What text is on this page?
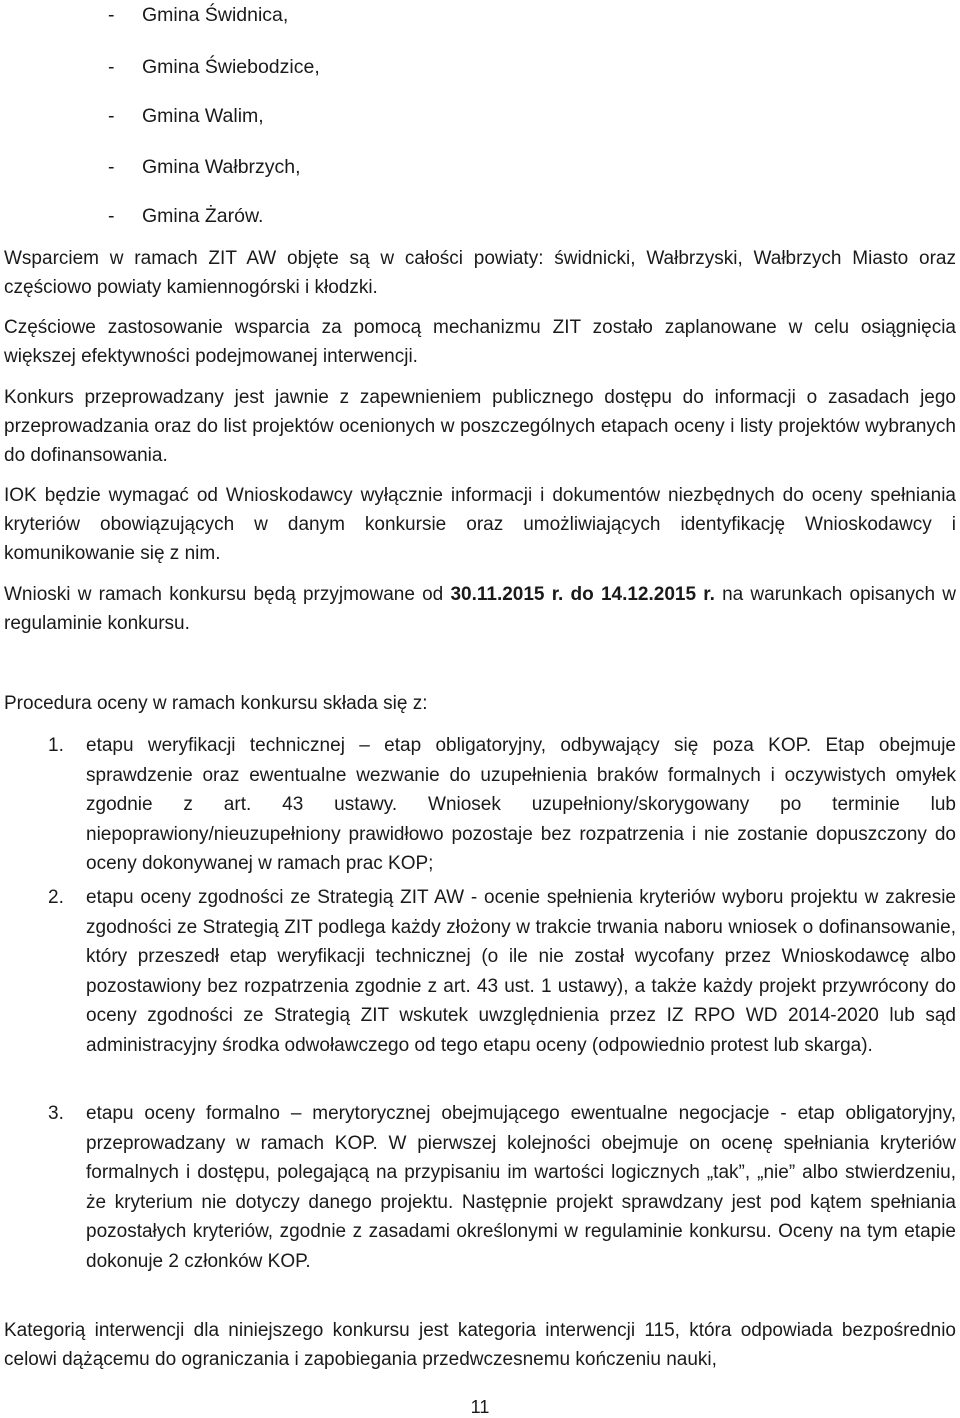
- Gmina Świdnica,
- Gmina Świebodzice,
- Gmina Walim,
- Gmina Wałbrzych,
- Gmina Żarów.

Wsparciem w ramach ZIT AW objęte są w całości powiaty: świdnicki, Wałbrzyski, Wałbrzych Miasto oraz częściowo powiaty kamiennogórski i kłodzki.

Częściowe zastosowanie wsparcia za pomocą mechanizmu ZIT zostało zaplanowane w celu osiągnięcia większej efektywności podejmowanej interwencji.

Konkurs przeprowadzany jest jawnie z zapewnieniem publicznego dostępu do informacji o zasadach jego przeprowadzania oraz do list projektów ocenionych w poszczególnych etapach oceny i listy projektów wybranych do dofinansowania.

IOK będzie wymagać od Wnioskodawcy wyłącznie informacji i dokumentów niezbędnych do oceny spełniania kryteriów obowiązujących w danym konkursie oraz umożliwiających identyfikację Wnioskodawcy i komunikowanie się z nim.

Wnioski w ramach konkursu będą przyjmowane od 30.11.2015 r. do 14.12.2015 r. na warunkach opisanych w regulaminie konkursu.

Procedura oceny w ramach konkursu składa się z:

1.	etapu weryfikacji technicznej – etap obligatoryjny, odbywający się poza KOP. Etap obejmuje sprawdzenie oraz ewentualne wezwanie do uzupełnienia braków formalnych i oczywistych omyłek zgodnie z art. 43 ustawy. Wniosek uzupełniony/skorygowany po terminie lub niepoprawiony/nieuzupełniony prawidłowo pozostaje bez rozpatrzenia i nie zostanie dopuszczony do oceny dokonywanej w ramach prac KOP;

2.	etapu oceny zgodności ze Strategią ZIT AW - ocenie spełnienia kryteriów wyboru projektu w zakresie zgodności ze Strategią ZIT podlega każdy złożony w trakcie trwania naboru wniosek o dofinansowanie, który przeszedł etap weryfikacji technicznej (o ile nie został wycofany przez Wnioskodawcę albo pozostawiony bez rozpatrzenia zgodnie z art. 43 ust. 1 ustawy), a także każdy projekt przywrócony do oceny zgodności ze Strategią ZIT wskutek uwzględnienia przez IZ RPO WD 2014-2020 lub sąd administracyjny środka odwoławczego od tego etapu oceny (odpowiednio protest lub skarga).

3.	etapu oceny formalno – merytorycznej obejmującego ewentualne negocjacje - etap obligatoryjny, przeprowadzany w ramach KOP. W pierwszej kolejności obejmuje on ocenę spełniania kryteriów formalnych i dostępu, polegającą na przypisaniu im wartości logicznych „tak”, „nie” albo stwierdzeniu, że kryterium nie dotyczy danego projektu. Następnie projekt sprawdzany jest pod kątem spełniania pozostałych kryteriów, zgodnie z zasadami określonymi w regulaminie konkursu. Oceny na tym etapie dokonuje 2 członków KOP.

Kategorią interwencji dla niniejszego konkursu jest kategoria interwencji 115, która odpowiada bezpośrednio celowi dążącemu do ograniczania i zapobiegania przedwczesnemu kończeniu nauki,

11
